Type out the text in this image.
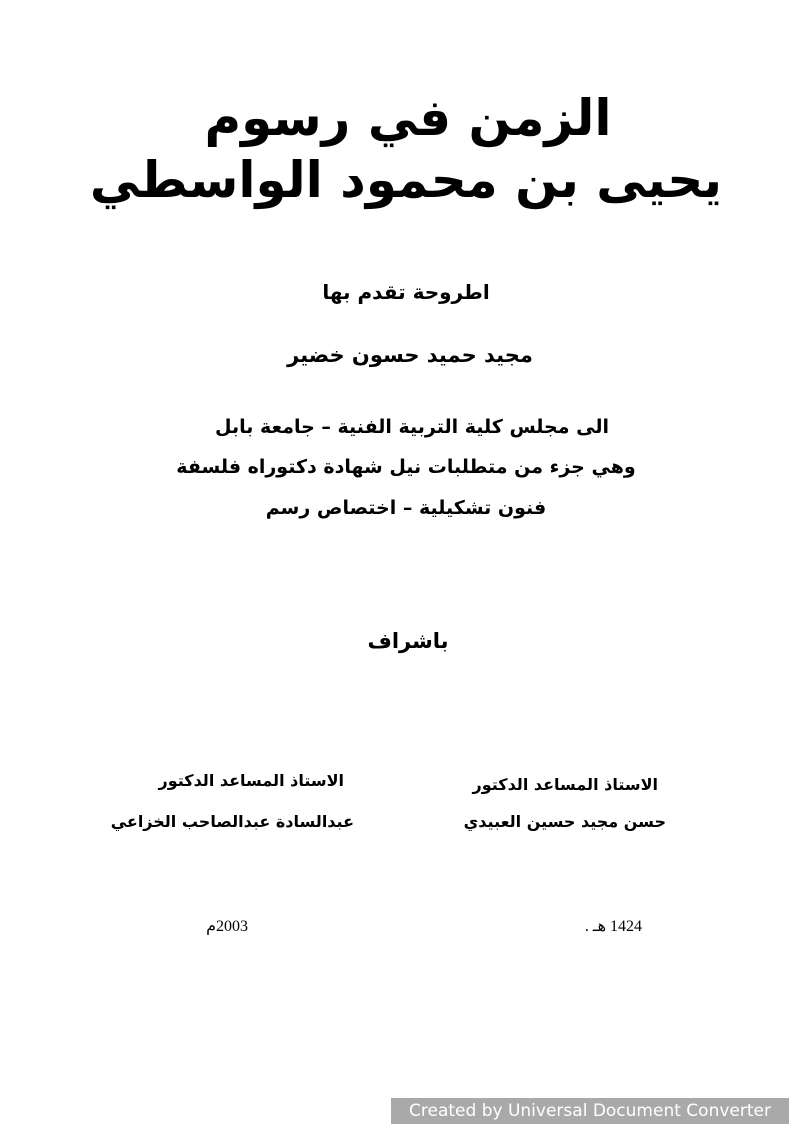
الزمن في رسوم
يحيى بن محمود الواسطي
اطروحة تقدم بها
مجيد حميد حسون خضير
الى مجلس كلية التربية الفنية – جامعة بابل
وهي جزء من متطلبات نيل شهادة دكتوراه فلسفة
فنون تشكيلية – اختصاص رسم
باشراف
الاستاذ المساعد الدكتور
حسن مجيد حسين العبيدي
الاستاذ المساعد الدكتور
عبدالسادة عبدالصاحب الخزاعي
1424 هـ .
2003م
Created by Universal Document Converter
